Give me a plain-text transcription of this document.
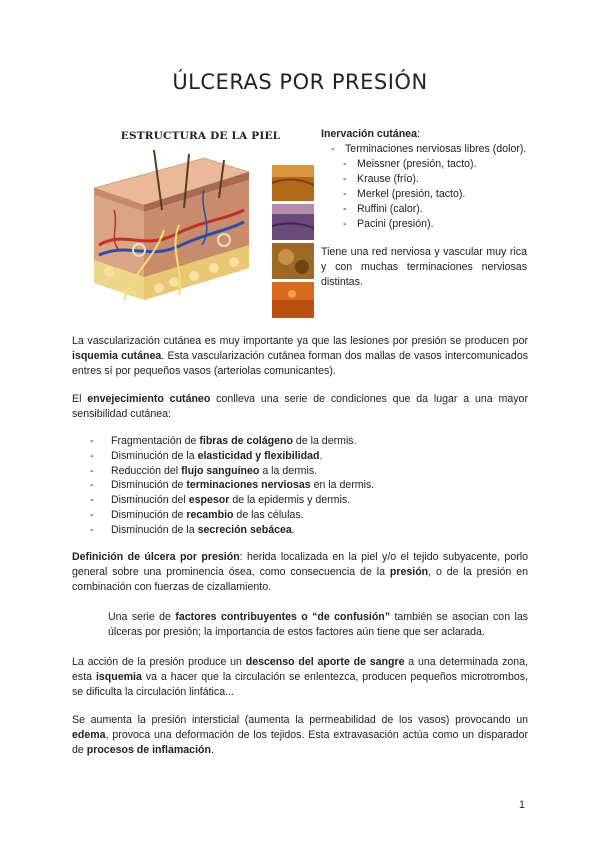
ÚLCERAS POR PRESIÓN
ESTRUCTURA DE LA PIEL	Inervación cutánea:
- Terminaciones nerviosas libres (dolor).
- Meissner (presión, tacto).
- Krause (frío).
- Merkel (presión, tacto).
- Ruffini (calor).
- Pacini (presión).
Tiene una red nerviosa y vascular muy rica y con muchas terminaciones nerviosas distintas.
La vascularización cutánea es muy importante ya que las lesiones por presión se producen por isquemia cutánea. Esta vascularización cutánea forman dos mallas de vasos intercomunicados entres sí por pequeños vasos (arteriolas comunicantes).
El envejecimiento cutáneo conlleva una serie de condiciones que da lugar a una mayor sensibilidad cutánea:
- Fragmentación de fibras de colágeno de la dermis.
- Disminución de la elasticidad y flexibilidad.
- Reducción del flujo sanguíneo a la dermis.
- Disminución de terminaciones nerviosas en la dermis.
- Disminución del espesor de la epidermis y dermis.
- Disminución de recambio de las células.
- Disminución de la secreción sebácea.
Definición de úlcera por presión: herida localizada en la piel y/o el tejido subyacente, porlo general sobre una prominencia ósea, como consecuencia de la presión, o de la presión en combinación con fuerzas de cizallamiento.
Una serie de factores contribuyentes o “de confusión” también se asocian con las úlceras por presión; la importancia de estos factores aún tiene que ser aclarada.
La acción de la presión produce un descenso del aporte de sangre a una determinada zona, esta isquemia va a hacer que la circulación se enlentezca, producen pequeños microtrombos, se dificulta la circulación linfática...
Se aumenta la presión intersticial (aumenta la permeabilidad de los vasos) provocando un edema, provoca una deformación de los tejidos. Esta extravasación actúa como un disparador de procesos de inflamación.
1
